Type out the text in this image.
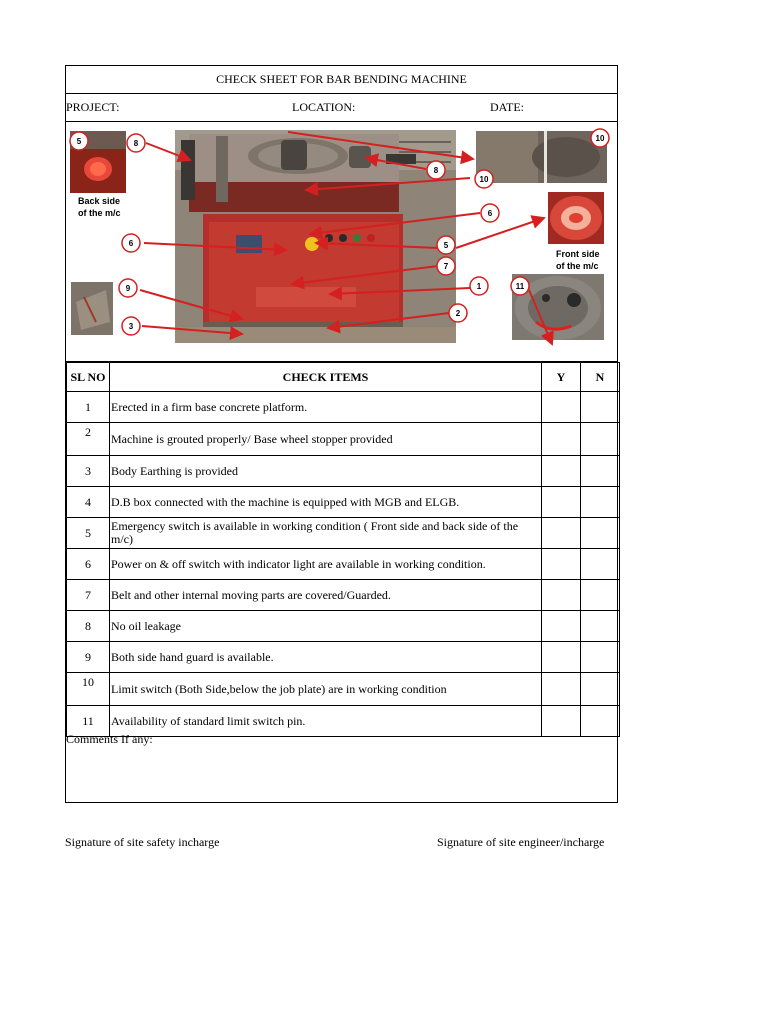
CHECK SHEET FOR BAR BENDING MACHINE
PROJECT:	LOCATION:	DATE:
Back side
of the m/c
Front side
of the m/c
5	8
10
8
10
6
6	5
7
1
9	11
2
3
SL NO	CHECK ITEMS	Y	N
1	Erected in a firm base concrete platform.		
2	Machine is grouted properly/ Base wheel stopper provided		
3	Body Earthing is provided		
4	D.B box connected with the machine is equipped with MGB and ELGB.		
5	Emergency switch is available in working condition ( Front side and back side of the m/c)		
6	Power on & off switch with indicator light are available in working condition.		
7	Belt and other internal moving parts are covered/Guarded.		
8	No oil leakage		
9	Both side hand guard is available.		
10	Limit switch (Both Side,below the job plate) are in working condition		
11	Availability of standard limit switch pin.		
Comments If any:
Signature of site safety incharge	Signature of site engineer/incharge
